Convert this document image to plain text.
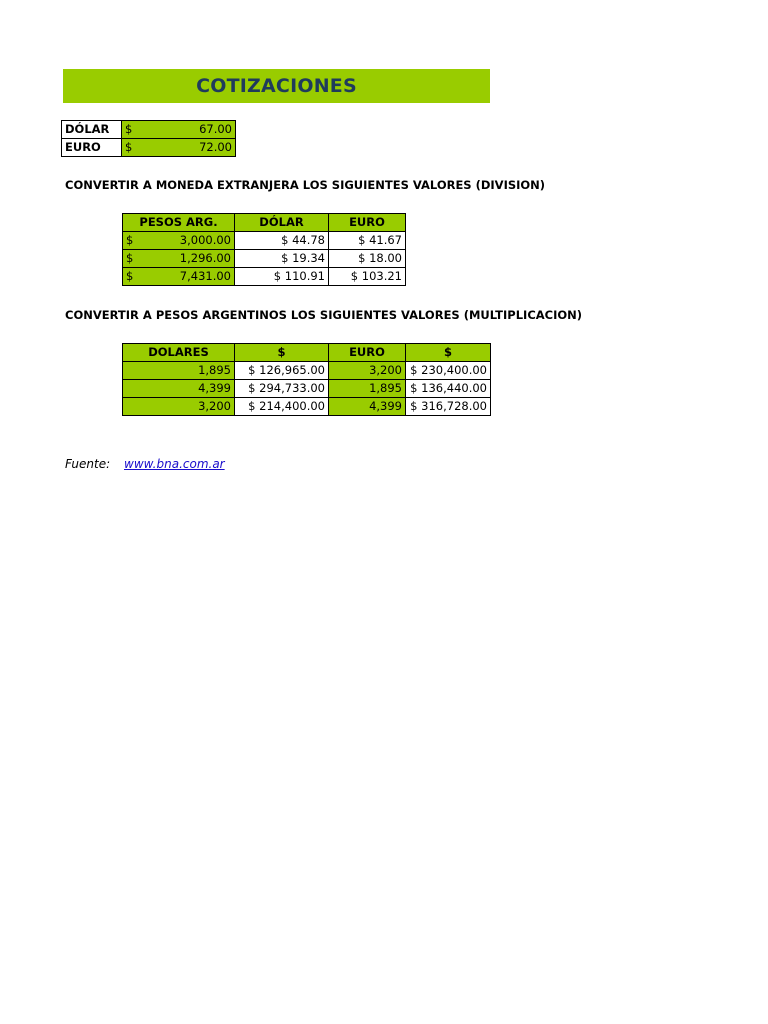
COTIZACIONES
DÓLAR	$ 67.00

EURO	$ 72.00
CONVERTIR A MONEDA EXTRANJERA LOS SIGUIENTES VALORES (DIVISION)
PESOS ARG.	DÓLAR	EURO

$ 3,000.00	$ 44.78	$ 41.67

$ 1,296.00	$ 19.34	$ 18.00

$ 7,431.00	$ 110.91	$ 103.21
CONVERTIR A PESOS ARGENTINOS LOS SIGUIENTES VALORES (MULTIPLICACION)
DOLARES	$	EURO	$
1,895	$ 126,965.00	3,200	$ 230,400.00
4,399	$ 294,733.00	1,895	$ 136,440.00
3,200	$ 214,400.00	4,399	$ 316,728.00
Fuente: www.bna.com.ar
